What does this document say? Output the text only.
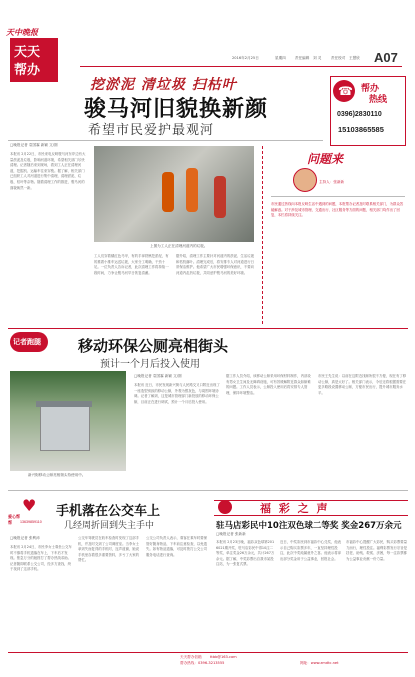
天中晚报
天天
帮办
2016年2月25日	星期四	责任编辑 刘 灵	责任校对 王慧欣 A07
挖淤泥 清垃圾 扫枯叶
骏马河旧貌换新颜
希望市民爱护最观河
☎ 帮办
热线
0396)2830110
15103865585
□晚报记者 袁国霖 新颖 文/图
本报讯 2月22日，市民来电反映骏马河东岸边有大量淤泥及垃圾，影响河道环境，希望相关部门尽快清理。记者随后来到现场，看到工人正在清理河道，挖掘机、运输车往来穿梭。据了解，相关部门已组织工人对河道进行集中清理，清理淤泥、垃圾、枯叶等杂物。随着清理工作的推进，骏马河的面貌焕然一新。
上图为工人正在清理河道内的垃圾。
工人们穿着橘红色马甲，有的手拿铁锹挖淤泥，有的推着小推车运送垃圾，大家分工明确，干劲十足。一位负责人告诉记者，此次清理工作将持续一段时间，力争让骏马河早日恢复清澈。
据介绍，清理工作主要针对河道内的淤泥、生活垃圾和枯枝落叶。清理完成后，将安排专人对河道进行日常保洁维护。他希望广大市民增强环保意识，不要向河道内乱扔垃圾，共同爱护骏马河的美好环境。
问题来
主持人：张新新
市民通过热线向本报反映生活中遇到的问题，本报帮办记者及时联系相关部门，为群众答疑解惑。对于涉及城市管理、交通出行、社区服务等方面的问题，相关部门均作出了回复，本栏将持续关注。
记者跑腿 移动环保公厕亮相街头
预计一个月后投入使用
新兴街移动公厕亮相街头待使用中。
□晚报记者 袁国霖 新颖 文/图
本报讯 近日，市民发现新兴街与人民路交叉口附近出现了一座造型别致的移动公厕，外观为银灰色，与周围环境协调。记者了解到，这是城市管理部门新投放的移动环保公厕，目前正在进行调试，预计一个月后投入使用。
据工作人员介绍，该移动公厕采用环保材料制作，内部设有男女卫生间及无障碍设施，可有效缓解附近群众如厕难的问题。工作人员表示，公厕投入使用后将安排专人管理，保持环境整洁。
市民王先生说：以前在这附近找厕所很不方便，现在有了移动公厕，真是太好了。相关部门表示，今后还将根据需要在更多路段设置移动公厕，方便市民出行，提升城市服务水平。
♥
爱心帮帮	13639859110
手机落在公交车上
几经周折回到失主手中
□晚报记者 张利沛
本报讯 2月24日，市民李女士乘坐公交车时不慎将手机遗落在车上，下车后才发现。焦急万分的她拨打了帮办热线求助。记者随即联系公交公司，经多方查找，终于找到了这部手机。
公交车驾驶员在收车检查时发现了这部手机，并及时交到了公司调度室。当李女士拿到失而复得的手机时，连声道谢，她说手机里存着很多重要资料，多亏了大家的帮忙。
公交公司负责人表示，乘客在乘车时要保管好随身物品，下车前注意检查，以免遗失。如有物品遗落，可及时拨打公交公司服务电话进行查询。
福 彩 之 声
驻马店彩民中10注双色球二等奖 奖金267万余元
□晚报记者 张新新
本报讯 2月23日晚，福彩双色球第2016021期开奖，驻马店彩民中得10注二等奖，单注奖金26万余元，共计267万余元。据了解，中奖彩票出自我市某投注站，为一张复式票。
近日，中奖彩民到市福彩中心兑奖，他表示自己购买彩票多年，一直坚持理性投注，此次中奖纯属意外之喜。他表示将拿出部分奖金用于公益事业，回报社会。
市福彩中心提醒广大彩民，购买彩票要量力而行，理性投注。福利彩票发行宗旨是扶老、助残、救孤、济困，每一注彩票都为公益事业贡献一份力量。
天天帮办信箱 ttbb@163.com
帮办热线：0396-3213555	网址：www.zmdtc.net
